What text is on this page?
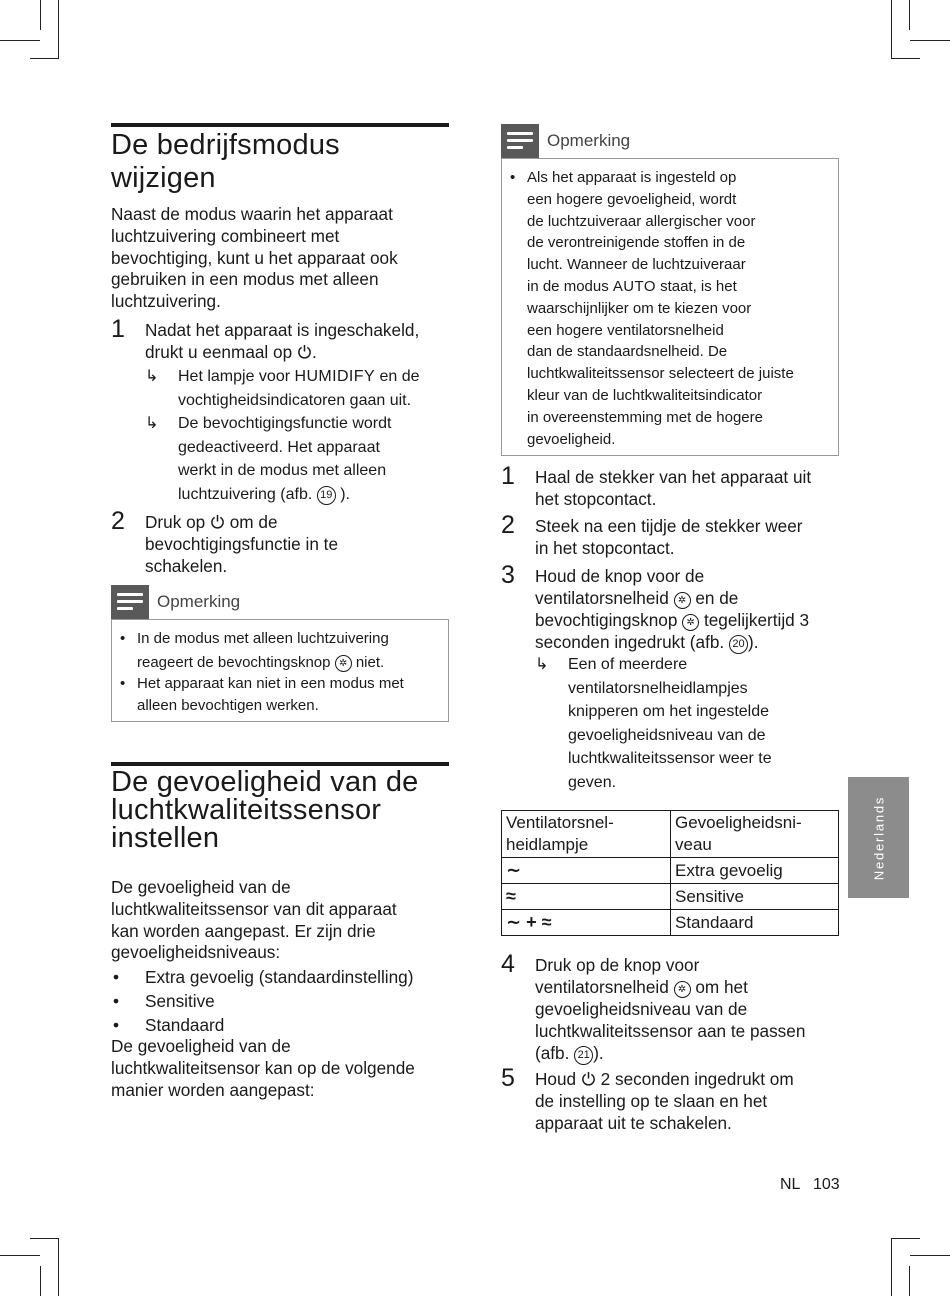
De bedrijfsmodus
wijzigen
Naast de modus waarin het apparaat
luchtzuivering combineert met
bevochtiging, kunt u het apparaat ook
gebruiken in een modus met alleen
luchtzuivering.
1 Nadat het apparaat is ingeschakeld,
drukt u eenmaal op .
↳ Het lampje voor HUMIDIFY en de
vochtigheidsindicatoren gaan uit.
↳ De bevochtigingsfunctie wordt
gedeactiveerd. Het apparaat
werkt in de modus met alleen
luchtzuivering (afb. 19 ).
2 Druk op om de
bevochtigingsfunctie in te
schakelen.
Opmerking
• In de modus met alleen luchtzuivering
reageert de bevochtingsknop ✲ niet.
• Het apparaat kan niet in een modus met
alleen bevochtigen werken.
De gevoeligheid van de
luchtkwaliteitssensor
instellen
De gevoeligheid van de
luchtkwaliteitssensor van dit apparaat
kan worden aangepast. Er zijn drie
gevoeligheidsniveaus:
• Extra gevoelig (standaardinstelling)
• Sensitive
• Standaard
De gevoeligheid van de
luchtkwaliteitsensor kan op de volgende
manier worden aangepast:
Opmerking
• Als het apparaat is ingesteld op
een hogere gevoeligheid, wordt
de luchtzuiveraar allergischer voor
de verontreinigende stoffen in de
lucht. Wanneer de luchtzuiveraar
in de modus AUTO staat, is het
waarschijnlijker om te kiezen voor
een hogere ventilatorsnelheid
dan de standaardsnelheid. De
luchtkwaliteitssensor selecteert de juiste
kleur van de luchtkwaliteitsindicator
in overeenstemming met de hogere
gevoeligheid.
1 Haal de stekker van het apparaat uit
het stopcontact.
2 Steek na een tijdje de stekker weer
in het stopcontact.
3 Houd de knop voor de
ventilatorsnelheid ✲ en de
bevochtigingsknop ✲ tegelijkertijd 3
seconden ingedrukt (afb. 20 ).
↳ Een of meerdere
ventilatorsnelheidlampjes
knipperen om het ingestelde
gevoeligheidsniveau van de
luchtkwaliteitssensor weer te
geven.
Ventilatorsnel-
heidlampje	Gevoeligheidsni-
veau
∼	Extra gevoelig
≈	Sensitive
∼ + ≈	Standaard
4 Druk op de knop voor
ventilatorsnelheid ✲ om het
gevoeligheidsniveau van de
luchtkwaliteitssensor aan te passen
(afb. 21 ).
5 Houd 2 seconden ingedrukt om
de instelling op te slaan en het
apparaat uit te schakelen.
Nederlands
NL 103
